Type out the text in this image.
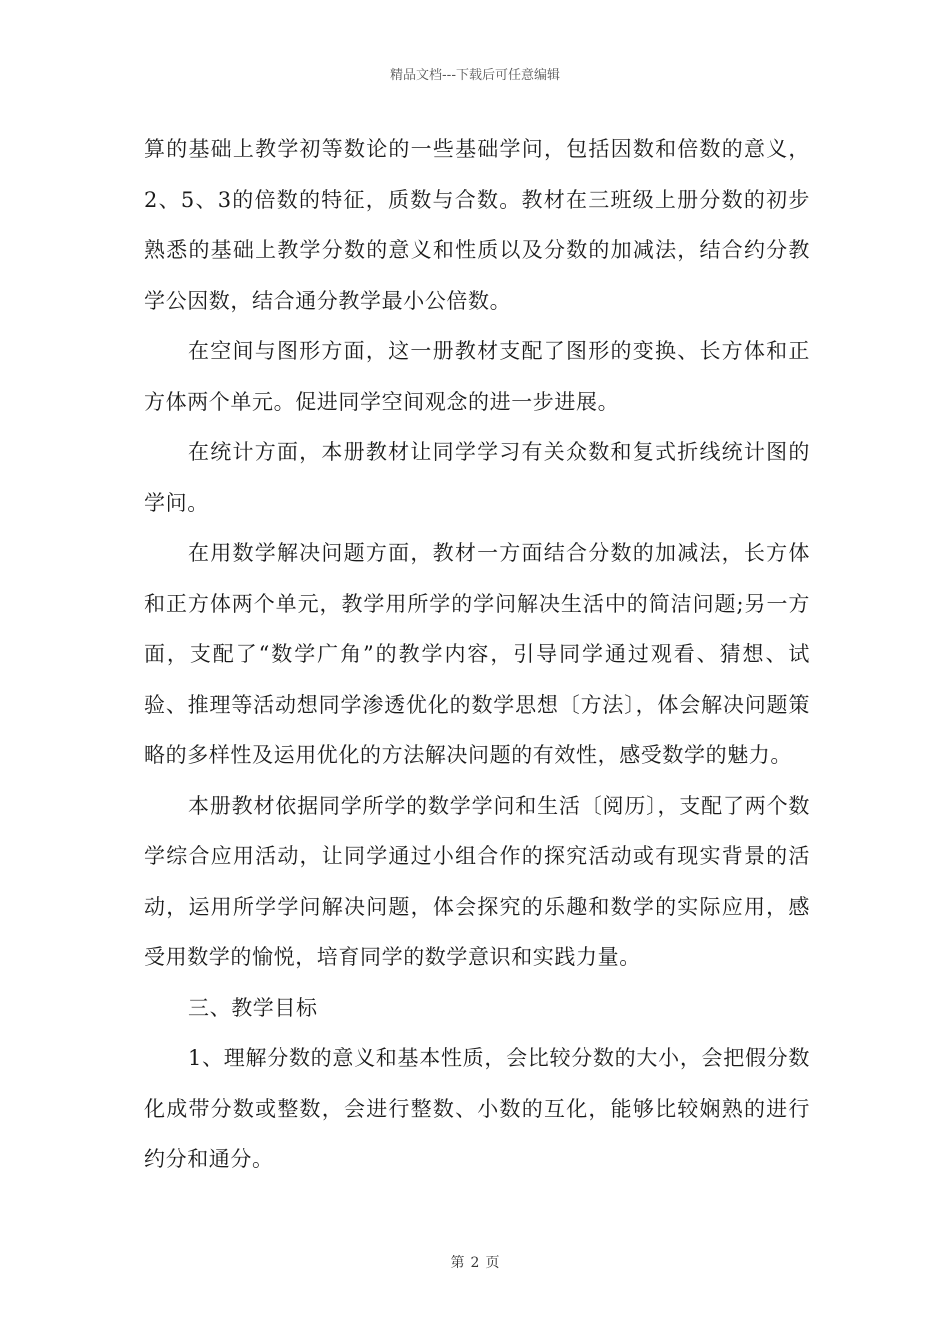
精品文档---下载后可任意编辑

算的基础上教学初等数论的一些基础学问，包括因数和倍数的意义，2、5、3的倍数的特征，质数与合数。教材在三班级上册分数的初步熟悉的基础上教学分数的意义和性质以及分数的加减法，结合约分教学公因数，结合通分教学最小公倍数。

在空间与图形方面，这一册教材支配了图形的变换、长方体和正方体两个单元。促进同学空间观念的进一步进展。

在统计方面，本册教材让同学学习有关众数和复式折线统计图的学问。

在用数学解决问题方面，教材一方面结合分数的加减法，长方体和正方体两个单元，教学用所学的学问解决生活中的简洁问题;另一方面，支配了“数学广角”的教学内容，引导同学通过观看、猜想、试验、推理等活动想同学渗透优化的数学思想〔方法〕，体会解决问题策略的多样性及运用优化的方法解决问题的有效性，感受数学的魅力。

本册教材依据同学所学的数学学问和生活〔阅历〕，支配了两个数学综合应用活动，让同学通过小组合作的探究活动或有现实背景的活动，运用所学学问解决问题，体会探究的乐趣和数学的实际应用，感受用数学的愉悦，培育同学的数学意识和实践力量。

三、教学目标

1、理解分数的意义和基本性质，会比较分数的大小，会把假分数化成带分数或整数，会进行整数、小数的互化，能够比较娴熟的进行约分和通分。

第 2 页
